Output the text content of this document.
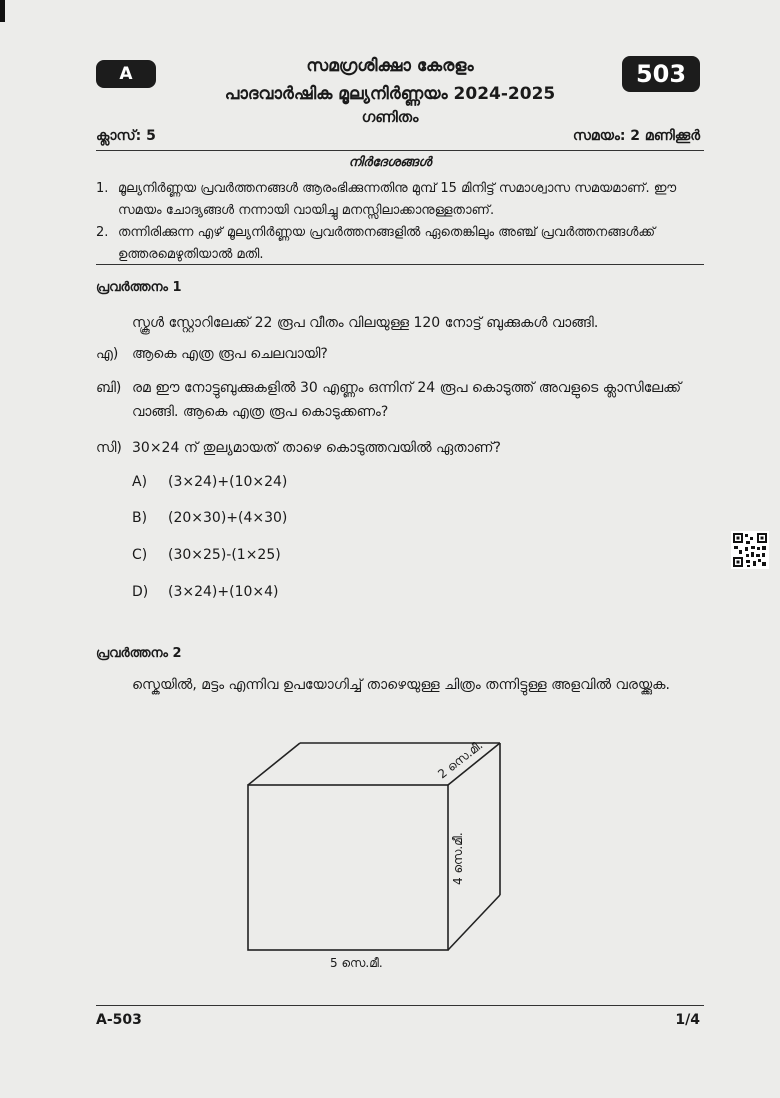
A	503
സമഗ്രശിക്ഷാ കേരളം
പാദവാർഷിക മൂല്യനിർണ്ണയം 2024-2025
ഗണിതം
ക്ലാസ്: 5	സമയം: 2 മണിക്കൂർ
നിർദേശങ്ങൾ
1. മൂല്യനിർണ്ണയ പ്രവർത്തനങ്ങൾ ആരംഭിക്കുന്നതിനു മുമ്പ് 15 മിനിട്ട് സമാശ്വാസ സമയമാണ്. ഈ സമയം ചോദ്യങ്ങൾ നന്നായി വായിച്ചു മനസ്സിലാക്കാനുള്ളതാണ്.
2. തന്നിരിക്കുന്ന എഴ് മൂല്യനിർണ്ണയ പ്രവർത്തനങ്ങളിൽ ഏതെങ്കിലും അഞ്ച് പ്രവർത്തനങ്ങൾക്ക് ഉത്തരമെഴുതിയാൽ മതി.
പ്രവർത്തനം 1
സ്കൂൾ സ്റ്റോറിലേക്ക് 22 രൂപ വീതം വിലയുള്ള 120 നോട്ട് ബുക്കുകൾ വാങ്ങി.
എ) ആകെ എത്ര രൂപ ചെലവായി?
ബി) രമ ഈ നോട്ടുബുക്കുകളിൽ 30 എണ്ണം ഒന്നിന് 24 രൂപ കൊടുത്ത് അവളുടെ ക്ലാസിലേക്ക് വാങ്ങി. ആകെ എത്ര രൂപ കൊടുക്കണം?
സി) 30×24 ന് തുല്യമായത് താഴെ കൊടുത്തവയിൽ ഏതാണ്?
A) (3×24)+(10×24)
B) (20×30)+(4×30)
C) (30×25)-(1×25)
D) (3×24)+(10×4)
പ്രവർത്തനം 2
സ്കെയിൽ, മട്ടം എന്നിവ ഉപയോഗിച്ച് താഴെയുള്ള ചിത്രം തന്നിട്ടുള്ള അളവിൽ വരയ്ക്കുക.
2 സെ.മീ.
4 സെ.മീ.
5 സെ.മീ.
A-503	1/4
